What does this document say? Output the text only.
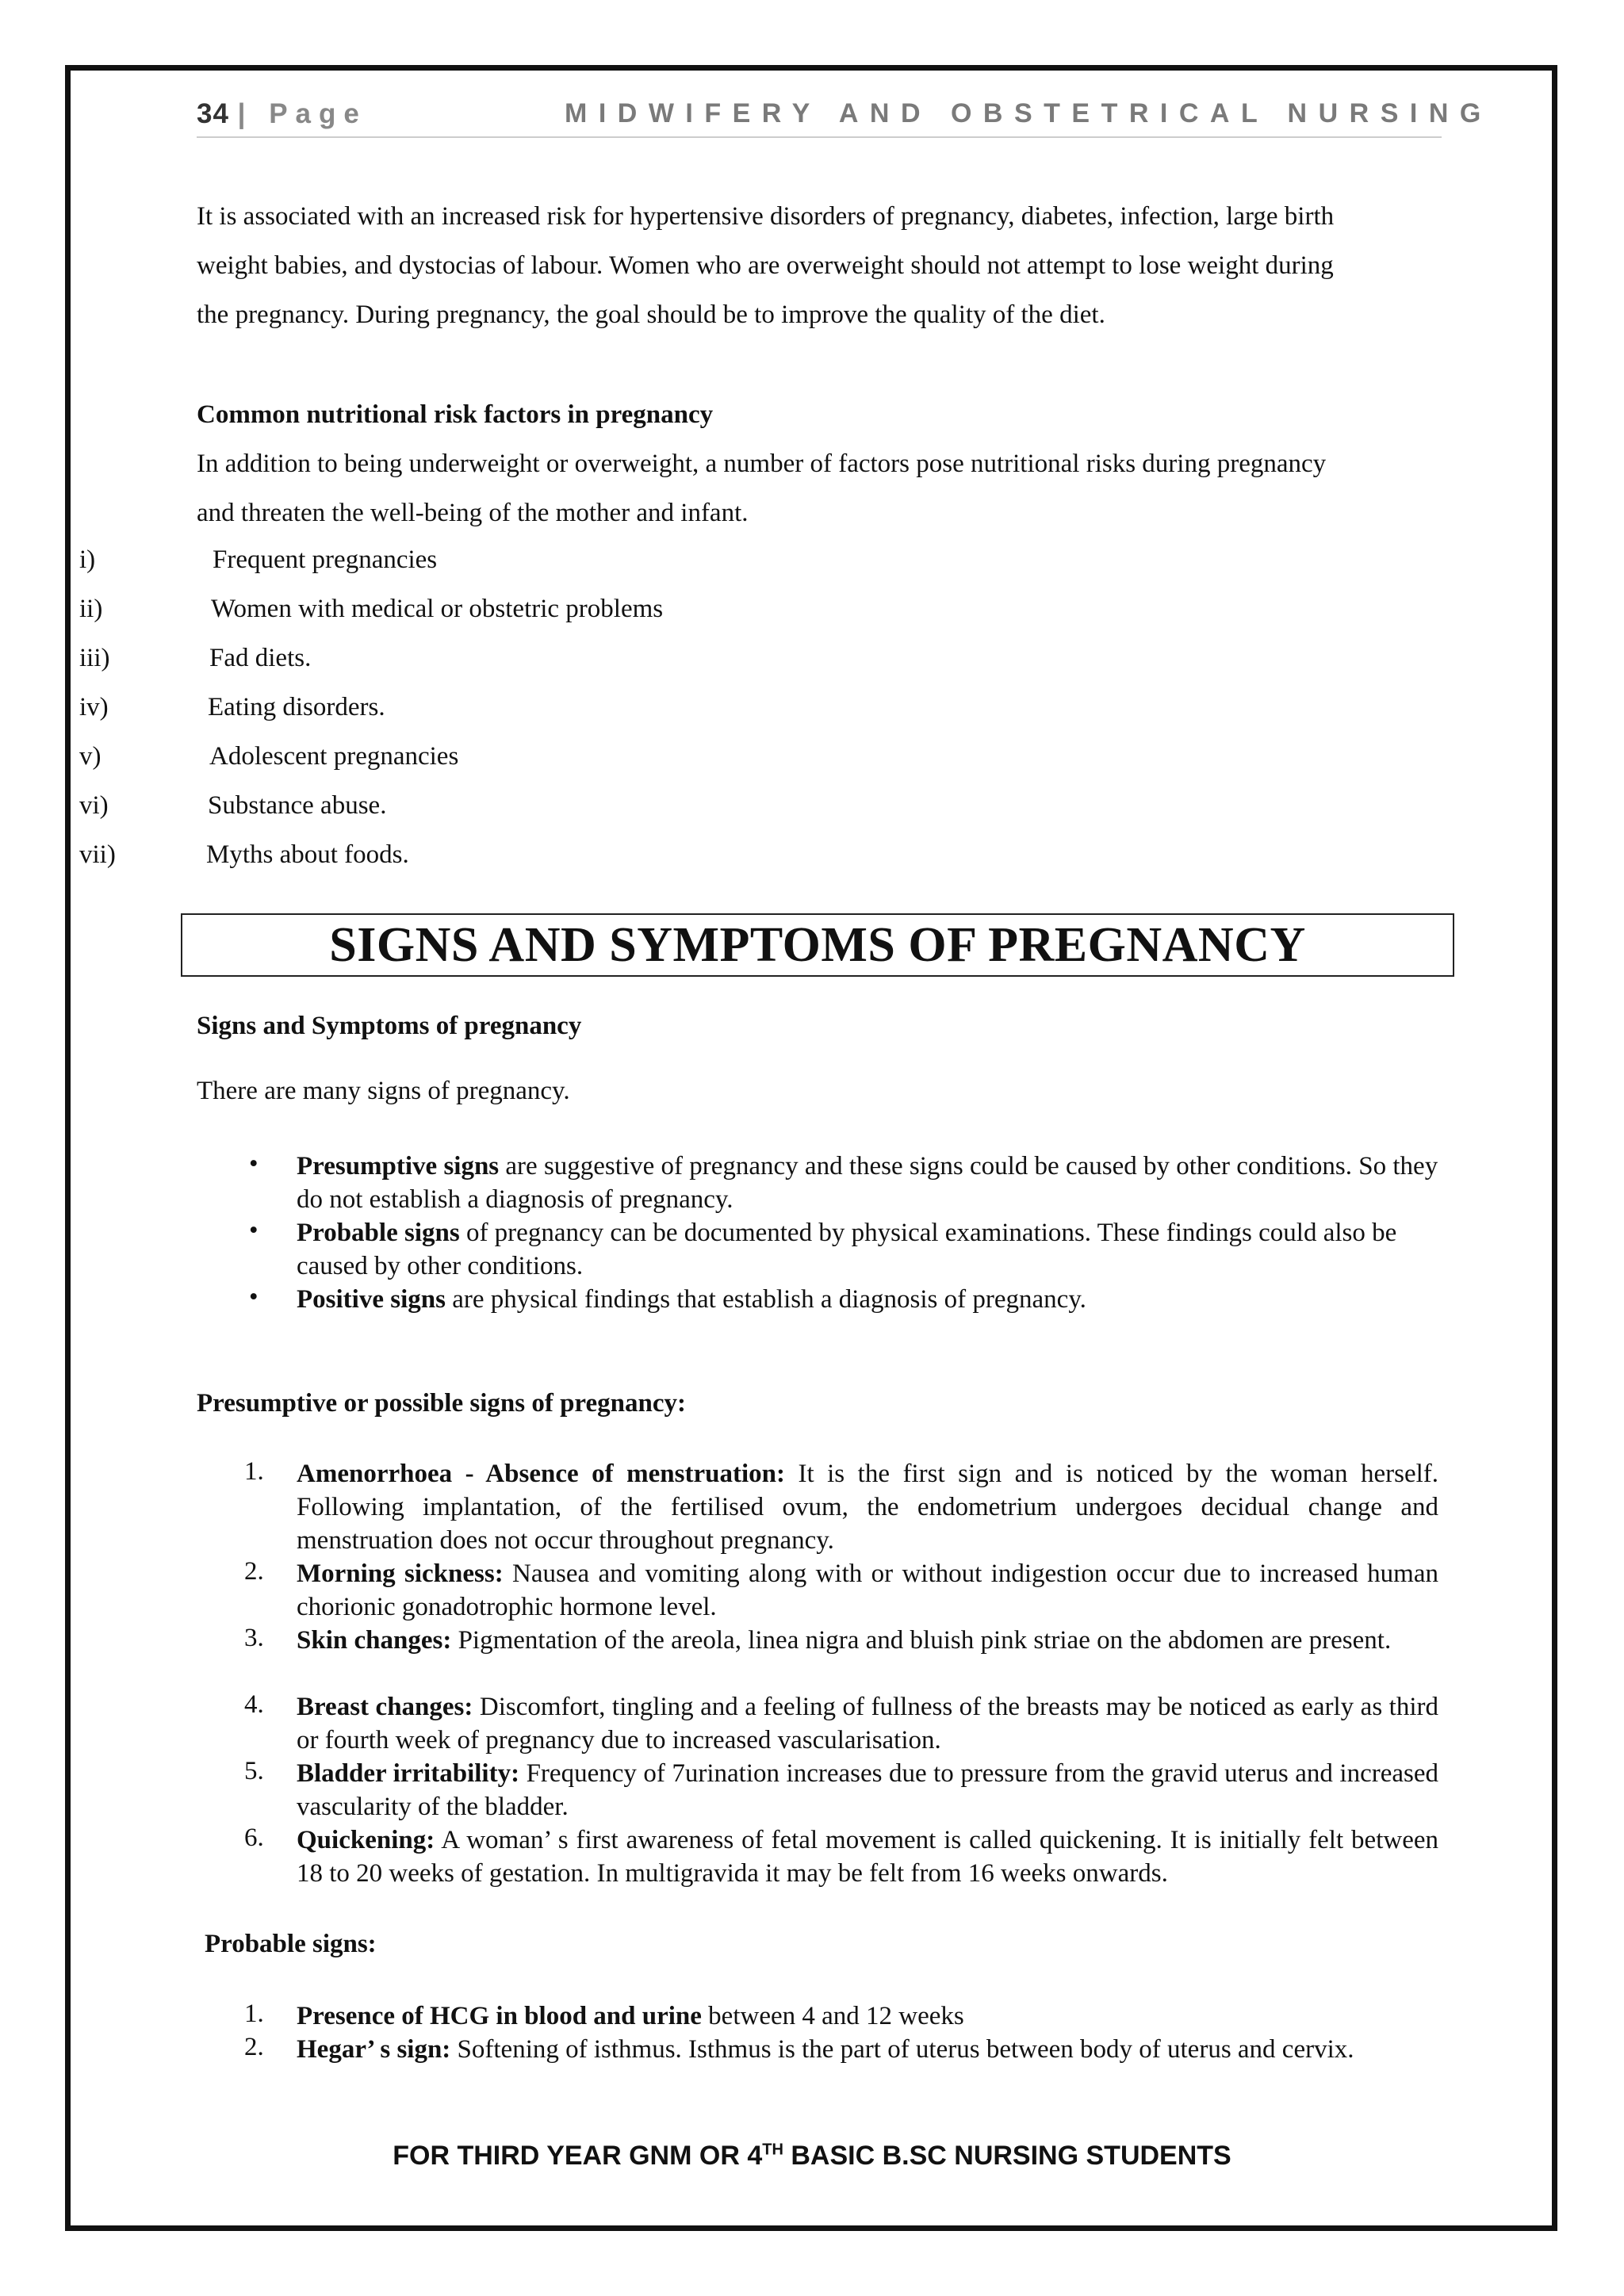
34 | Page	MIDWIFERY AND OBSTETRICAL NURSING
It is associated with an increased risk for hypertensive disorders of pregnancy, diabetes, infection, large birth
weight babies, and dystocias of labour. Women who are overweight should not attempt to lose weight during
the pregnancy. During pregnancy, the goal should be to improve the quality of the diet.
Common nutritional risk factors in pregnancy
In addition to being underweight or overweight, a number of factors pose nutritional risks during pregnancy
and threaten the well-being of the mother and infant.
i)	Frequent pregnancies
ii)	Women with medical or obstetric problems
iii)	Fad diets.
iv)	Eating disorders.
v)	Adolescent pregnancies
vi)	Substance abuse.
vii)	Myths about foods.
SIGNS AND SYMPTOMS OF PREGNANCY
Signs and Symptoms of pregnancy
There are many signs of pregnancy.
• Presumptive signs are suggestive of pregnancy and these signs could be caused by other conditions. So they do not establish a diagnosis of pregnancy.
• Probable signs of pregnancy can be documented by physical examinations. These findings could also be caused by other conditions.
• Positive signs are physical findings that establish a diagnosis of pregnancy.
Presumptive or possible signs of pregnancy:
1. Amenorrhoea - Absence of menstruation: It is the first sign and is noticed by the woman herself. Following implantation, of the fertilised ovum, the endometrium undergoes decidual change and menstruation does not occur throughout pregnancy.
2. Morning sickness: Nausea and vomiting along with or without indigestion occur due to increased human chorionic gonadotrophic hormone level.
3. Skin changes: Pigmentation of the areola, linea nigra and bluish pink striae on the abdomen are present.
4. Breast changes: Discomfort, tingling and a feeling of fullness of the breasts may be noticed as early as third or fourth week of pregnancy due to increased vascularisation.
5. Bladder irritability: Frequency of 7urination increases due to pressure from the gravid uterus and increased vascularity of the bladder.
6. Quickening: A woman’ s first awareness of fetal movement is called quickening. It is initially felt between 18 to 20 weeks of gestation. In multigravida it may be felt from 16 weeks onwards.
Probable signs:
1. Presence of HCG in blood and urine between 4 and 12 weeks
2. Hegar’ s sign: Softening of isthmus. Isthmus is the part of uterus between body of uterus and cervix.
FOR THIRD YEAR GNM OR 4TH BASIC B.SC NURSING STUDENTS
